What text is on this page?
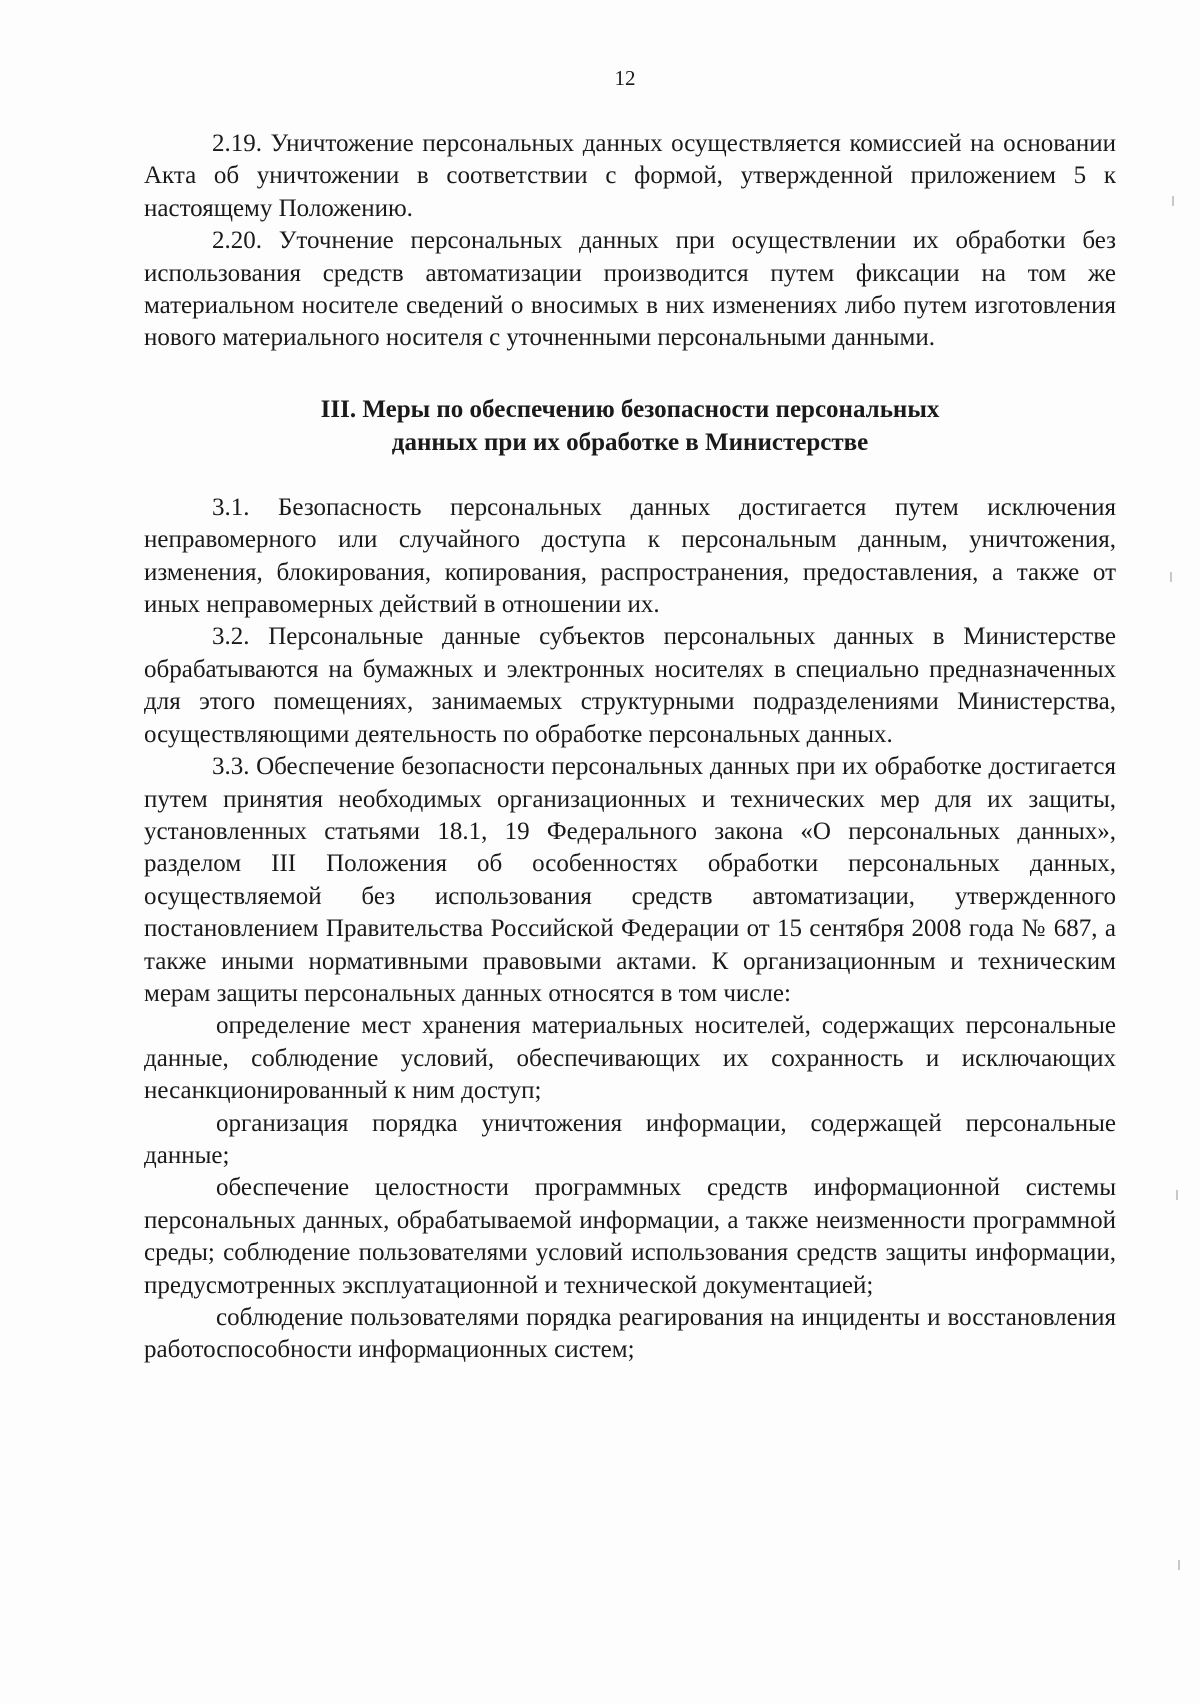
12

2.19. Уничтожение персональных данных осуществляется комиссией на основании Акта об уничтожении в соответствии с формой, утвержденной приложением 5 к настоящему Положению.

2.20. Уточнение персональных данных при осуществлении их обработки без использования средств автоматизации производится путем фиксации на том же материальном носителе сведений о вносимых в них изменениях либо путем изготовления нового материального носителя с уточненными персональными данными.

III. Меры по обеспечению безопасности персональных
данных при их обработке в Министерстве

3.1. Безопасность персональных данных достигается путем исключения неправомерного или случайного доступа к персональным данным, уничтожения, изменения, блокирования, копирования, распространения, предоставления, а также от иных неправомерных действий в отношении их.

3.2. Персональные данные субъектов персональных данных в Министерстве обрабатываются на бумажных и электронных носителях в специально предназначенных для этого помещениях, занимаемых структурными подразделениями Министерства, осуществляющими деятельность по обработке персональных данных.

3.3. Обеспечение безопасности персональных данных при их обработке достигается путем принятия необходимых организационных и технических мер для их защиты, установленных статьями 18.1, 19 Федерального закона «О персональных данных», разделом III Положения об особенностях обработки персональных данных, осуществляемой без использования средств автоматизации, утвержденного постановлением Правительства Российской Федерации от 15 сентября 2008 года № 687, а также иными нормативными правовыми актами. К организационным и техническим мерам защиты персональных данных относятся в том числе:

определение мест хранения материальных носителей, содержащих персональные данные, соблюдение условий, обеспечивающих их сохранность и исключающих несанкционированный к ним доступ;

организация порядка уничтожения информации, содержащей персональные данные;

обеспечение целостности программных средств информационной системы персональных данных, обрабатываемой информации, а также неизменности программной среды; соблюдение пользователями условий использования средств защиты информации, предусмотренных эксплуатационной и технической документацией;

соблюдение пользователями порядка реагирования на инциденты и восстановления работоспособности информационных систем;
